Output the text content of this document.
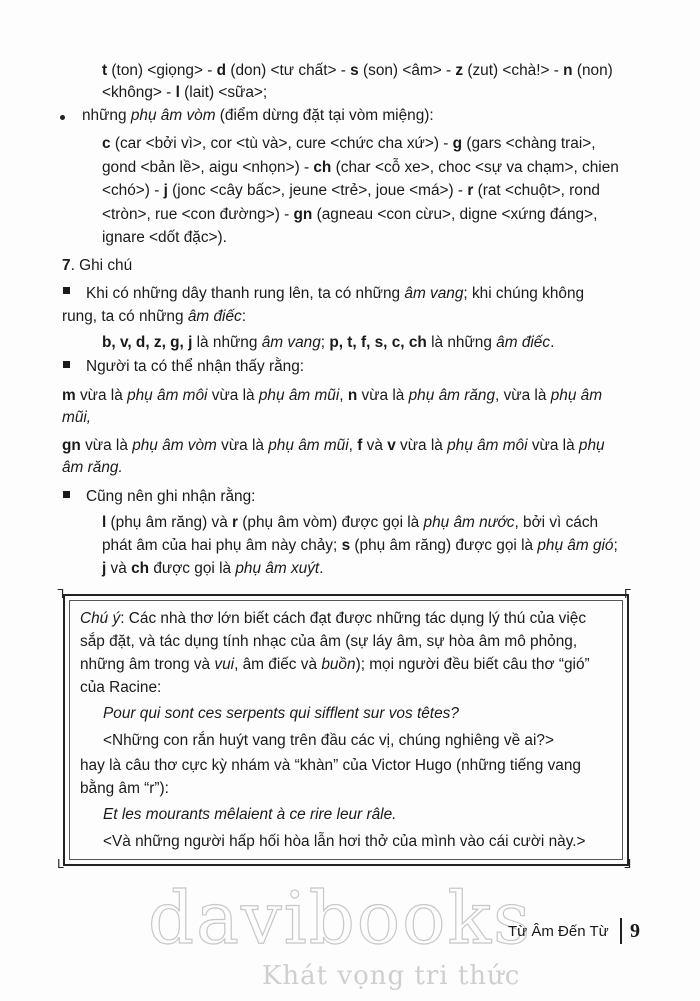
t (ton) <giọng> - d (don) <tư chất> - s (son) <âm> - z (zut) <chà!> - n (non)
<không> - l (lait) <sữa>;
những phụ âm vòm (điểm dừng đặt tại vòm miệng):
c (car <bởi vì>, cor <tù và>, cure <chức cha xứ>) - g (gars <chàng trai>,
gond <bản lề>, aigu <nhọn>) - ch (char <cỗ xe>, choc <sự va chạm>, chien
<chó>) - j (jonc <cây bấc>, jeune <trẻ>, joue <má>) - r (rat <chuột>, rond
<tròn>, rue <con đường>) - gn (agneau <con cừu>, digne <xứng đáng>,
ignare <dốt đặc>).
7. Ghi chú
Khi có những dây thanh rung lên, ta có những âm vang; khi chúng không
rung, ta có những âm điếc:
b, v, d, z, g, j là những âm vang; p, t, f, s, c, ch là những âm điếc.
Người ta có thể nhận thấy rằng:
m vừa là phụ âm môi vừa là phụ âm mũi, n vừa là phụ âm răng, vừa là phụ âm
mũi,
gn vừa là phụ âm vòm vừa là phụ âm mũi, f và v vừa là phụ âm môi vừa là phụ
âm răng.
Cũng nên ghi nhận rằng:
l (phụ âm răng) và r (phụ âm vòm) được gọi là phụ âm nước, bởi vì cách
phát âm của hai phụ âm này chảy; s (phụ âm răng) được gọi là phụ âm gió;
j và ch được gọi là phụ âm xuýt.
ᒣ	ᒥ
ᒪ	ᒧ
Chú ý: Các nhà thơ lớn biết cách đạt được những tác dụng lý thú của việc
sắp đặt, và tác dụng tính nhạc của âm (sự láy âm, sự hòa âm mô phỏng,
những âm trong và vui, âm điếc và buồn); mọi người đều biết câu thơ “gió”
của Racine:
Pour qui sont ces serpents qui sifflent sur vos têtes?
<Những con rắn huýt vang trên đầu các vị, chúng nghiêng về ai?>
hay là câu thơ cực kỳ nhám và “khàn” của Victor Hugo (những tiếng vang
bằng âm “r”):
Et les mourants mêlaient à ce rire leur râle.
<Và những người hấp hối hòa lẫn hơi thở của mình vào cái cười này.>
davibooks
Khát vọng tri thức
Từ Âm Đến Từ 9
